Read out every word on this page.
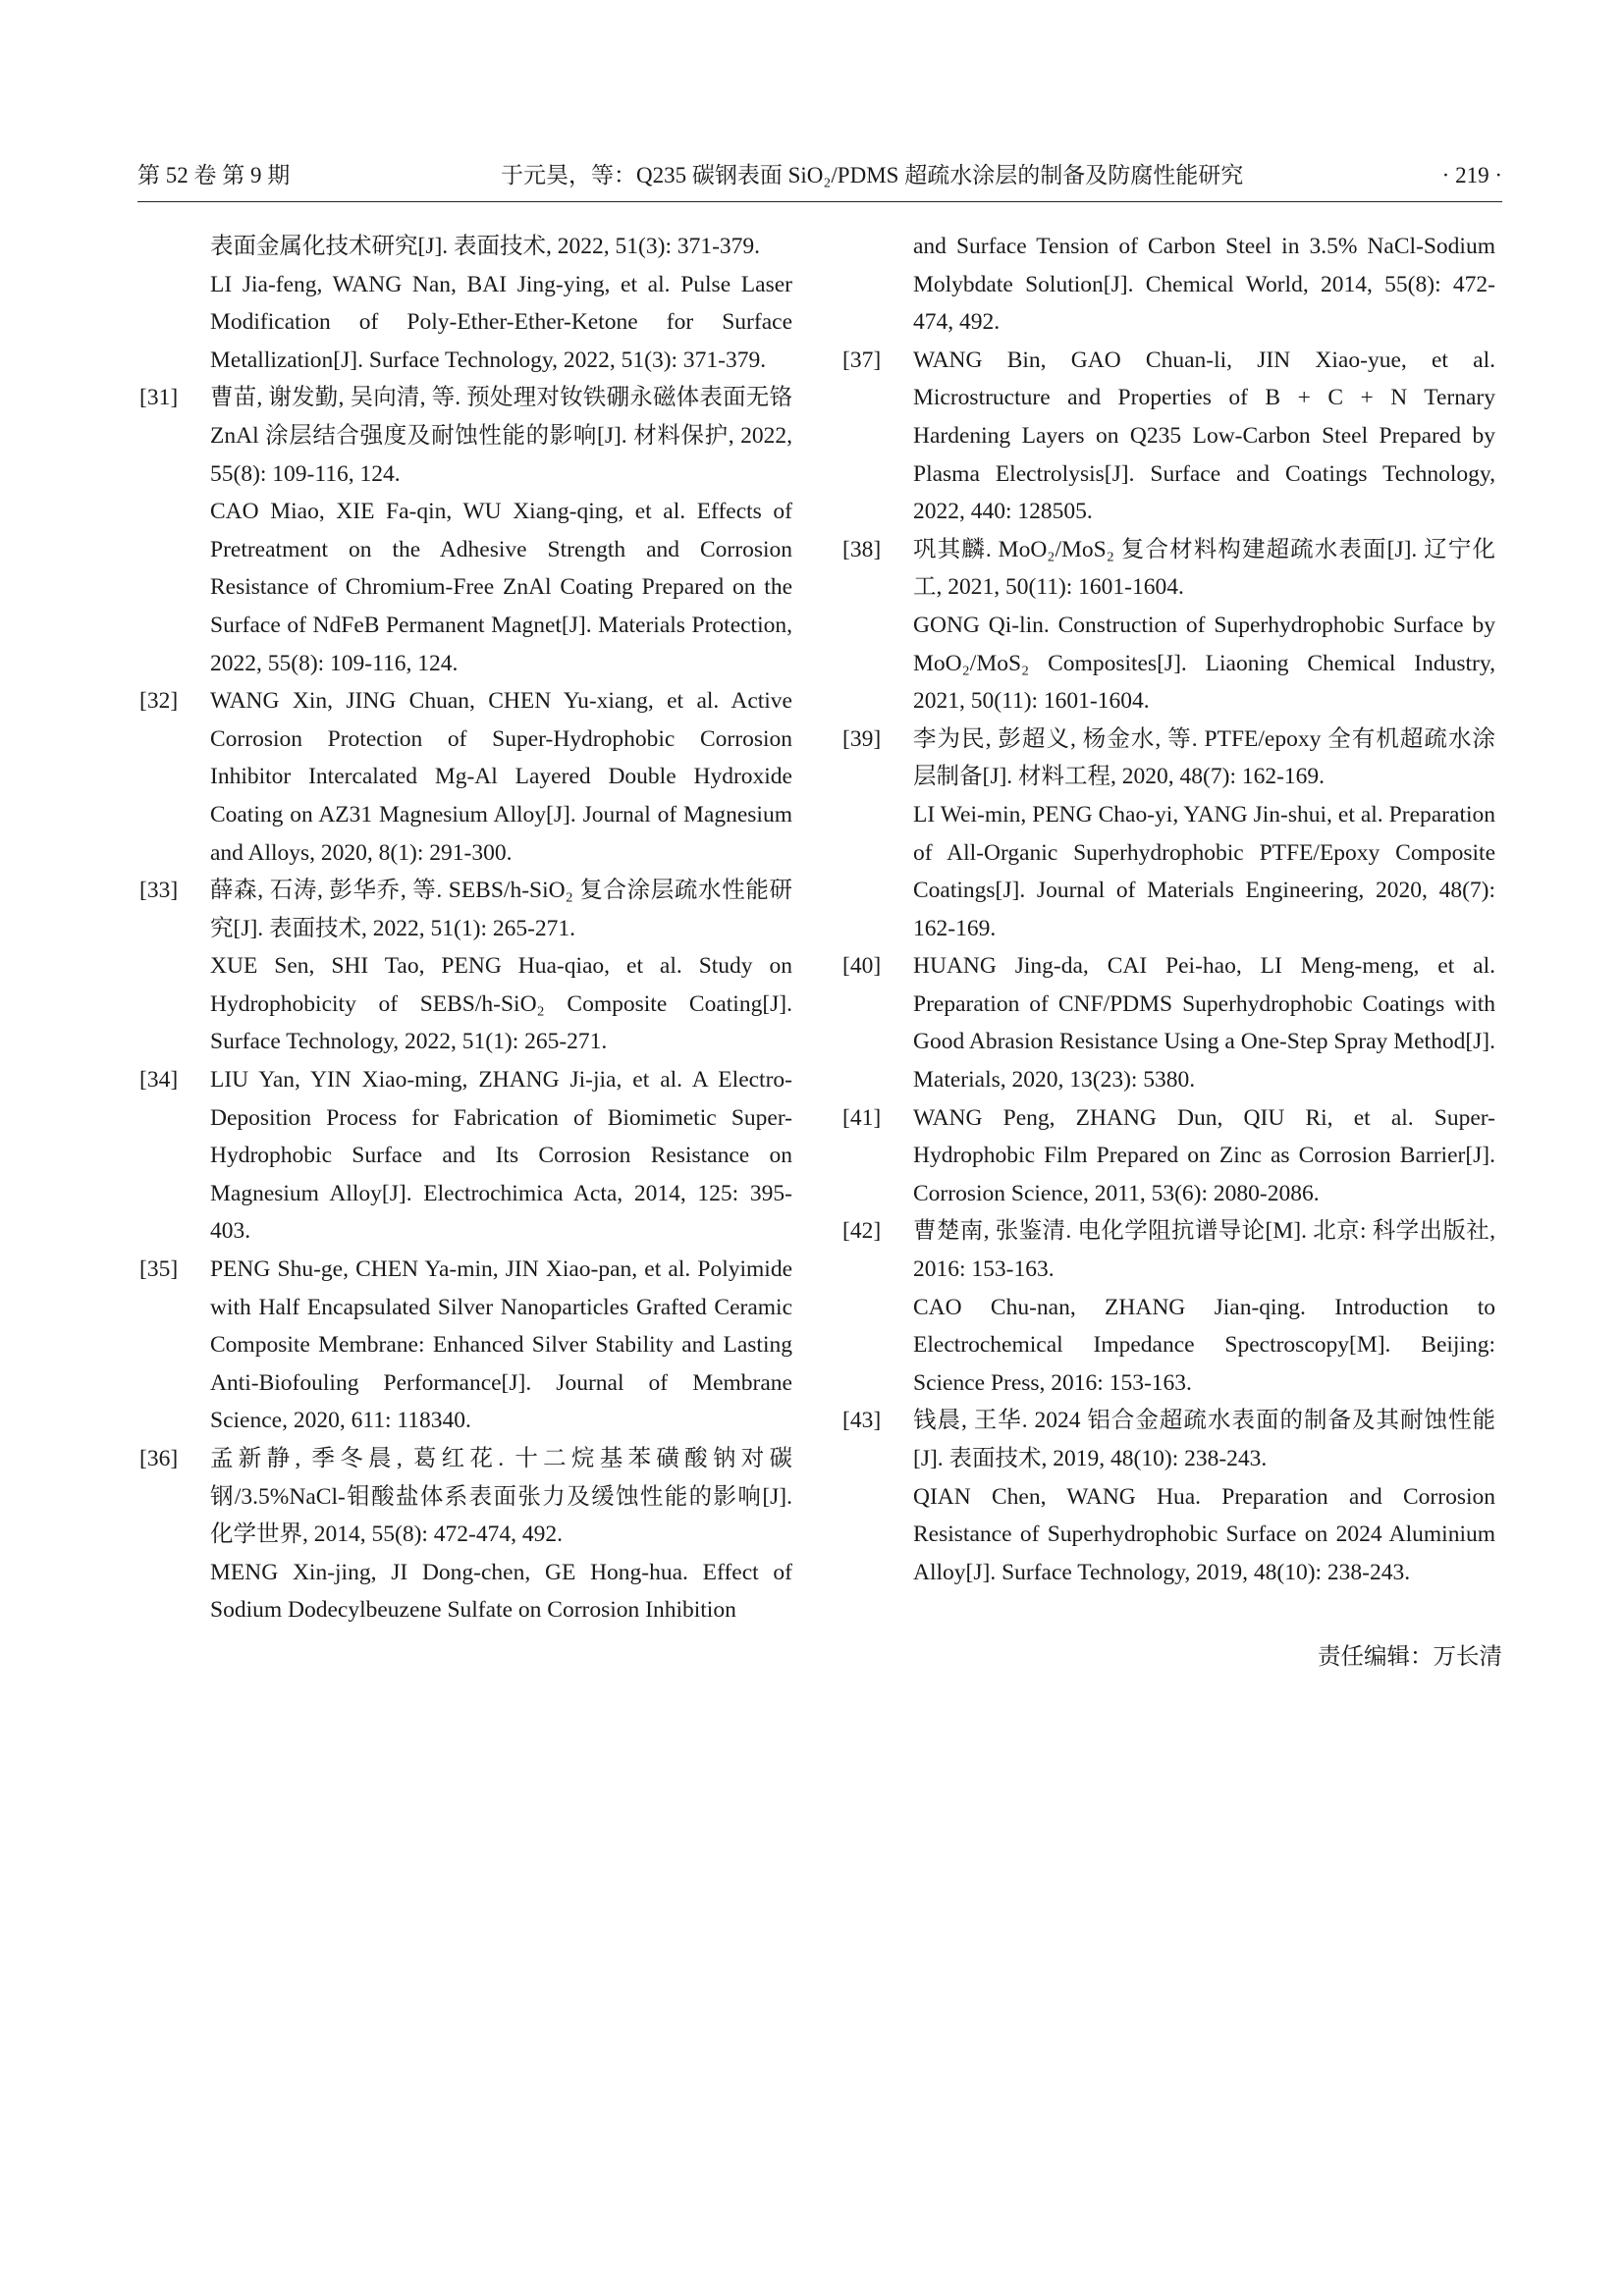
第 52 卷 第 9 期	于元昊，等：Q235 碳钢表面 SiO₂/PDMS 超疏水涂层的制备及防腐性能研究	· 219 ·
表面金属化技术研究[J]. 表面技术, 2022, 51(3): 371-379.
LI Jia-feng, WANG Nan, BAI Jing-ying, et al. Pulse Laser Modification of Poly-Ether-Ether-Ketone for Surface Metallization[J]. Surface Technology, 2022, 51(3): 371-379.
[31] 曹苗, 谢发勤, 吴向清, 等. 预处理对钕铁硼永磁体表面无铬 ZnAl 涂层结合强度及耐蚀性能的影响[J]. 材料保护, 2022, 55(8): 109-116, 124.
CAO Miao, XIE Fa-qin, WU Xiang-qing, et al. Effects of Pretreatment on the Adhesive Strength and Corrosion Resistance of Chromium-Free ZnAl Coating Prepared on the Surface of NdFeB Permanent Magnet[J]. Materials Protection, 2022, 55(8): 109-116, 124.
[32] WANG Xin, JING Chuan, CHEN Yu-xiang, et al. Active Corrosion Protection of Super-Hydrophobic Corrosion Inhibitor Intercalated Mg-Al Layered Double Hydroxide Coating on AZ31 Magnesium Alloy[J]. Journal of Magnesium and Alloys, 2020, 8(1): 291-300.
[33] 薛森, 石涛, 彭华乔, 等. SEBS/h-SiO₂ 复合涂层疏水性能研究[J]. 表面技术, 2022, 51(1): 265-271.
XUE Sen, SHI Tao, PENG Hua-qiao, et al. Study on Hydrophobicity of SEBS/h-SiO₂ Composite Coating[J]. Surface Technology, 2022, 51(1): 265-271.
[34] LIU Yan, YIN Xiao-ming, ZHANG Ji-jia, et al. A Electro-Deposition Process for Fabrication of Biomimetic Super-Hydrophobic Surface and Its Corrosion Resistance on Magnesium Alloy[J]. Electrochimica Acta, 2014, 125: 395-403.
[35] PENG Shu-ge, CHEN Ya-min, JIN Xiao-pan, et al. Polyimide with Half Encapsulated Silver Nanoparticles Grafted Ceramic Composite Membrane: Enhanced Silver Stability and Lasting Anti-Biofouling Performance[J]. Journal of Membrane Science, 2020, 611: 118340.
[36] 孟新静, 季冬晨, 葛红花. 十二烷基苯磺酸钠对碳钢/3.5%NaCl-钼酸盐体系表面张力及缓蚀性能的影响[J]. 化学世界, 2014, 55(8): 472-474, 492.
MENG Xin-jing, JI Dong-chen, GE Hong-hua. Effect of Sodium Dodecylbeuzene Sulfate on Corrosion Inhibition
and Surface Tension of Carbon Steel in 3.5% NaCl-Sodium Molybdate Solution[J]. Chemical World, 2014, 55(8): 472-474, 492.
[37] WANG Bin, GAO Chuan-li, JIN Xiao-yue, et al. Microstructure and Properties of B + C + N Ternary Hardening Layers on Q235 Low-Carbon Steel Prepared by Plasma Electrolysis[J]. Surface and Coatings Technology, 2022, 440: 128505.
[38] 巩其麟. MoO₂/MoS₂ 复合材料构建超疏水表面[J]. 辽宁化工, 2021, 50(11): 1601-1604.
GONG Qi-lin. Construction of Superhydrophobic Surface by MoO₂/MoS₂ Composites[J]. Liaoning Chemical Industry, 2021, 50(11): 1601-1604.
[39] 李为民, 彭超义, 杨金水, 等. PTFE/epoxy 全有机超疏水涂层制备[J]. 材料工程, 2020, 48(7): 162-169.
LI Wei-min, PENG Chao-yi, YANG Jin-shui, et al. Preparation of All-Organic Superhydrophobic PTFE/Epoxy Composite Coatings[J]. Journal of Materials Engineering, 2020, 48(7): 162-169.
[40] HUANG Jing-da, CAI Pei-hao, LI Meng-meng, et al. Preparation of CNF/PDMS Superhydrophobic Coatings with Good Abrasion Resistance Using a One-Step Spray Method[J]. Materials, 2020, 13(23): 5380.
[41] WANG Peng, ZHANG Dun, QIU Ri, et al. Super-Hydrophobic Film Prepared on Zinc as Corrosion Barrier[J]. Corrosion Science, 2011, 53(6): 2080-2086.
[42] 曹楚南, 张鉴清. 电化学阻抗谱导论[M]. 北京: 科学出版社, 2016: 153-163.
CAO Chu-nan, ZHANG Jian-qing. Introduction to Electrochemical Impedance Spectroscopy[M]. Beijing: Science Press, 2016: 153-163.
[43] 钱晨, 王华. 2024 铝合金超疏水表面的制备及其耐蚀性能[J]. 表面技术, 2019, 48(10): 238-243.
QIAN Chen, WANG Hua. Preparation and Corrosion Resistance of Superhydrophobic Surface on 2024 Aluminium Alloy[J]. Surface Technology, 2019, 48(10): 238-243.
责任编辑：万长清
